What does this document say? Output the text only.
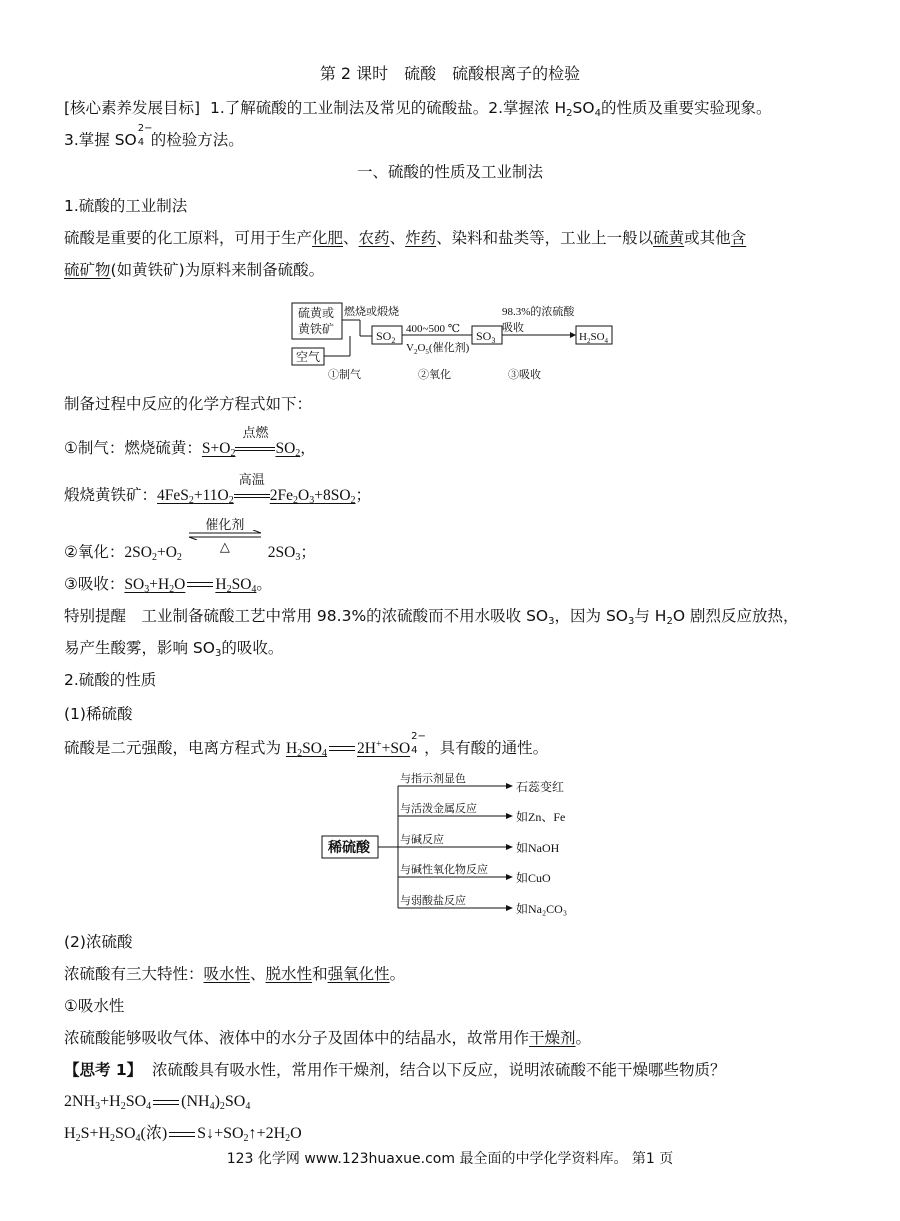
第 2 课时　硫酸　硫酸根离子的检验
[核心素养发展目标] 1.了解硫酸的工业制法及常见的硫酸盐。2.掌握浓 $H_2SO_4$的性质及重要实验现象。
3.掌握 SO
2−
4 的检验方法。
一、硫酸的性质及工业制法
1.硫酸的工业制法
硫酸是重要的化工原料，可用于生产化肥、农药、炸药、染料和盐类等，工业上一般以硫黄或其他含
硫矿物(如黄铁矿)为原料来制备硫酸。
硫黄或
黄铁矿
燃烧或煅烧
$SO_2$
400~500 ℃
$V_2O_5$(催化剂)
$SO_3$
98.3%的浓硫酸
吸收
$H_2SO_4$
空气
①制气	②氧化	③吸收
制备过程中反应的化学方程式如下：
①制气：燃烧硫黄：$S+O_2$
点燃
$SO_2$，
煅烧黄铁矿：$4FeS_2+11O_2$
高温
$2Fe_2O_3+8SO_2$；
②氧化：$2SO_2+O_2$
催化剂
△	$2SO_3$；
③吸收：$SO_3+H_2O$ $H_2SO_4$。
特别提醒　工业制备硫酸工艺中常用 98.3%的浓硫酸而不用水吸收 $SO_3$，因为 $SO_3$与 $H_2O$ 剧烈反应放热，
易产生酸雾，影响 $SO_3$的吸收。
2.硫酸的性质
(1)稀硫酸
硫酸是二元强酸，电离方程式为 $H_2SO_4$ 2H++SO
2−
4 ，具有酸的通性。
稀硫酸
与指示剂显色
石蕊变红
与活泼金属反应
如Zn、Fe
与碱反应
如NaOH
与碱性氧化物反应
如CuO
与弱酸盐反应
如Na₂CO₃
(2)浓硫酸
浓硫酸有三大特性：吸水性、脱水性和强氧化性。
①吸水性
浓硫酸能够吸收气体、液体中的水分子及固体中的结晶水，故常用作干燥剂。
【思考 1】 浓硫酸具有吸水性，常用作干燥剂，结合以下反应，说明浓硫酸不能干燥哪些物质？
$2NH_3+H_2SO_4$ $(NH_4)_2SO_4$
$H_2S+H_2SO_4$(浓) $S↓+SO_2↑+2H_2O$
123 化学网 www.123huaxue.com 最全面的中学化学资料库。 第1 页
